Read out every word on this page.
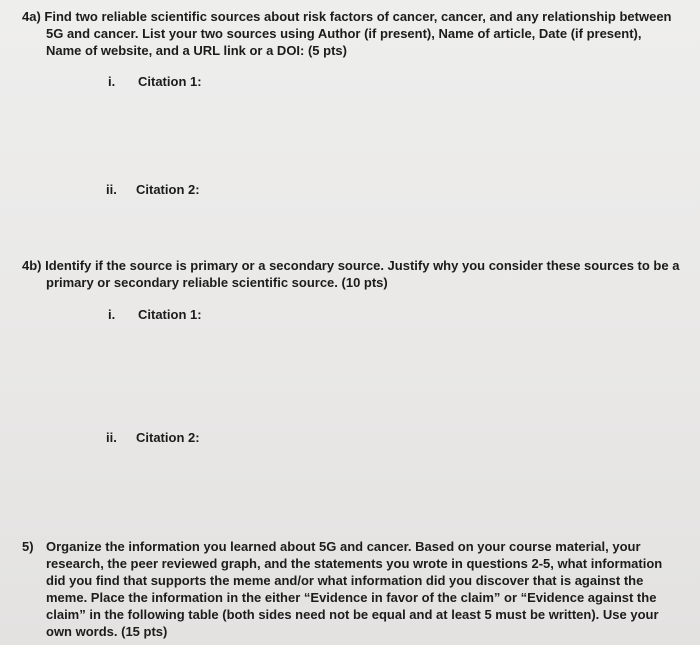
4a) Find two reliable scientific sources about risk factors of cancer, cancer, and any relationship between
5G and cancer. List your two sources using Author (if present), Name of article, Date (if present),
Name of website, and a URL link or a DOI: (5 pts)
i. Citation 1:
ii. Citation 2:
4b) Identify if the source is primary or a secondary source. Justify why you consider these sources to be a
primary or secondary reliable scientific source. (10 pts)
i. Citation 1:
ii. Citation 2:
5) Organize the information you learned about 5G and cancer. Based on your course material, your
research, the peer reviewed graph, and the statements you wrote in questions 2-5, what information
did you find that supports the meme and/or what information did you discover that is against the
meme. Place the information in the either “Evidence in favor of the claim” or “Evidence against the
claim” in the following table (both sides need not be equal and at least 5 must be written). Use your
own words. (15 pts)
